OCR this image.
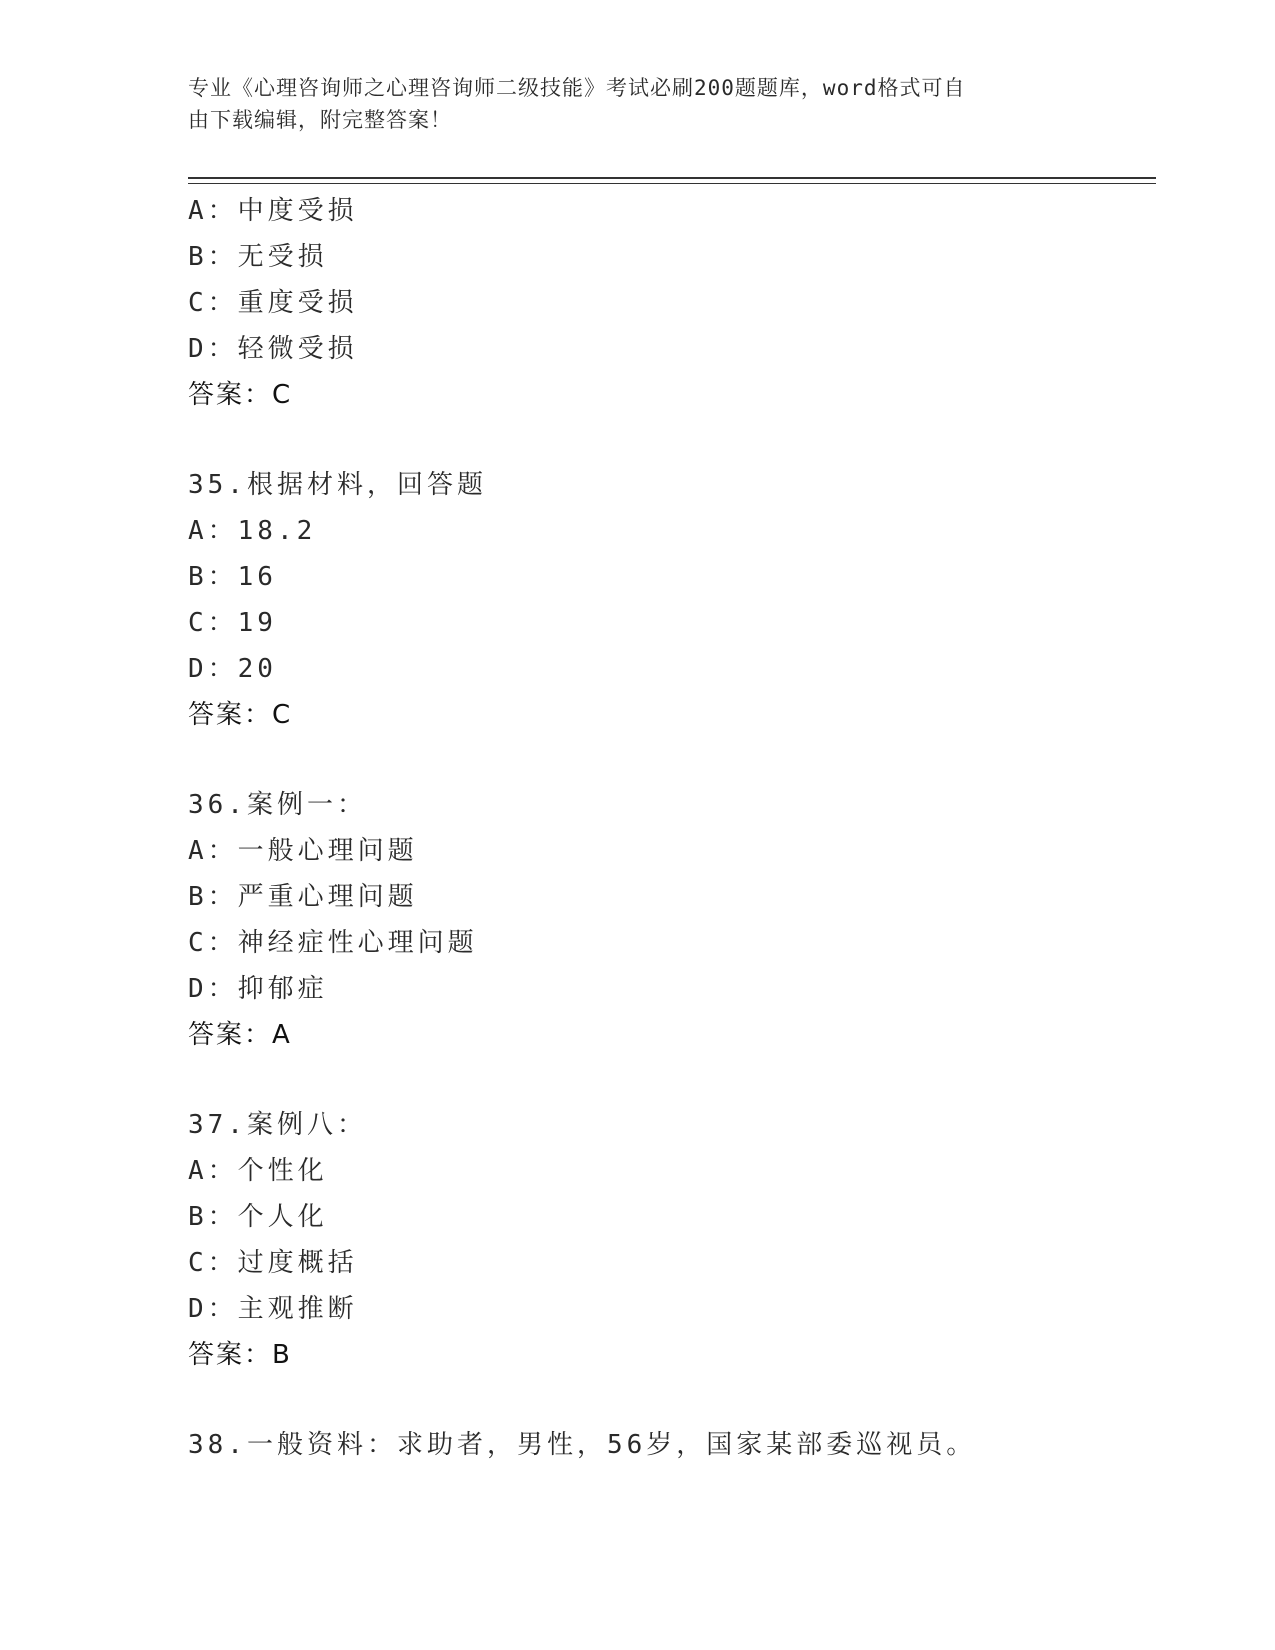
专业《心理咨询师之心理咨询师二级技能》考试必刷200题题库，word格式可自
由下载编辑，附完整答案！
A：中度受损
B：无受损
C：重度受损
D：轻微受损
答案：C
35.根据材料，回答题
A：18.2
B：16
C：19
D：20
答案：C
36.案例一：
A：一般心理问题
B：严重心理问题
C：神经症性心理问题
D：抑郁症
答案：A
37.案例八：
A：个性化
B：个人化
C：过度概括
D：主观推断
答案：B
38.一般资料：求助者，男性，56岁，国家某部委巡视员。
